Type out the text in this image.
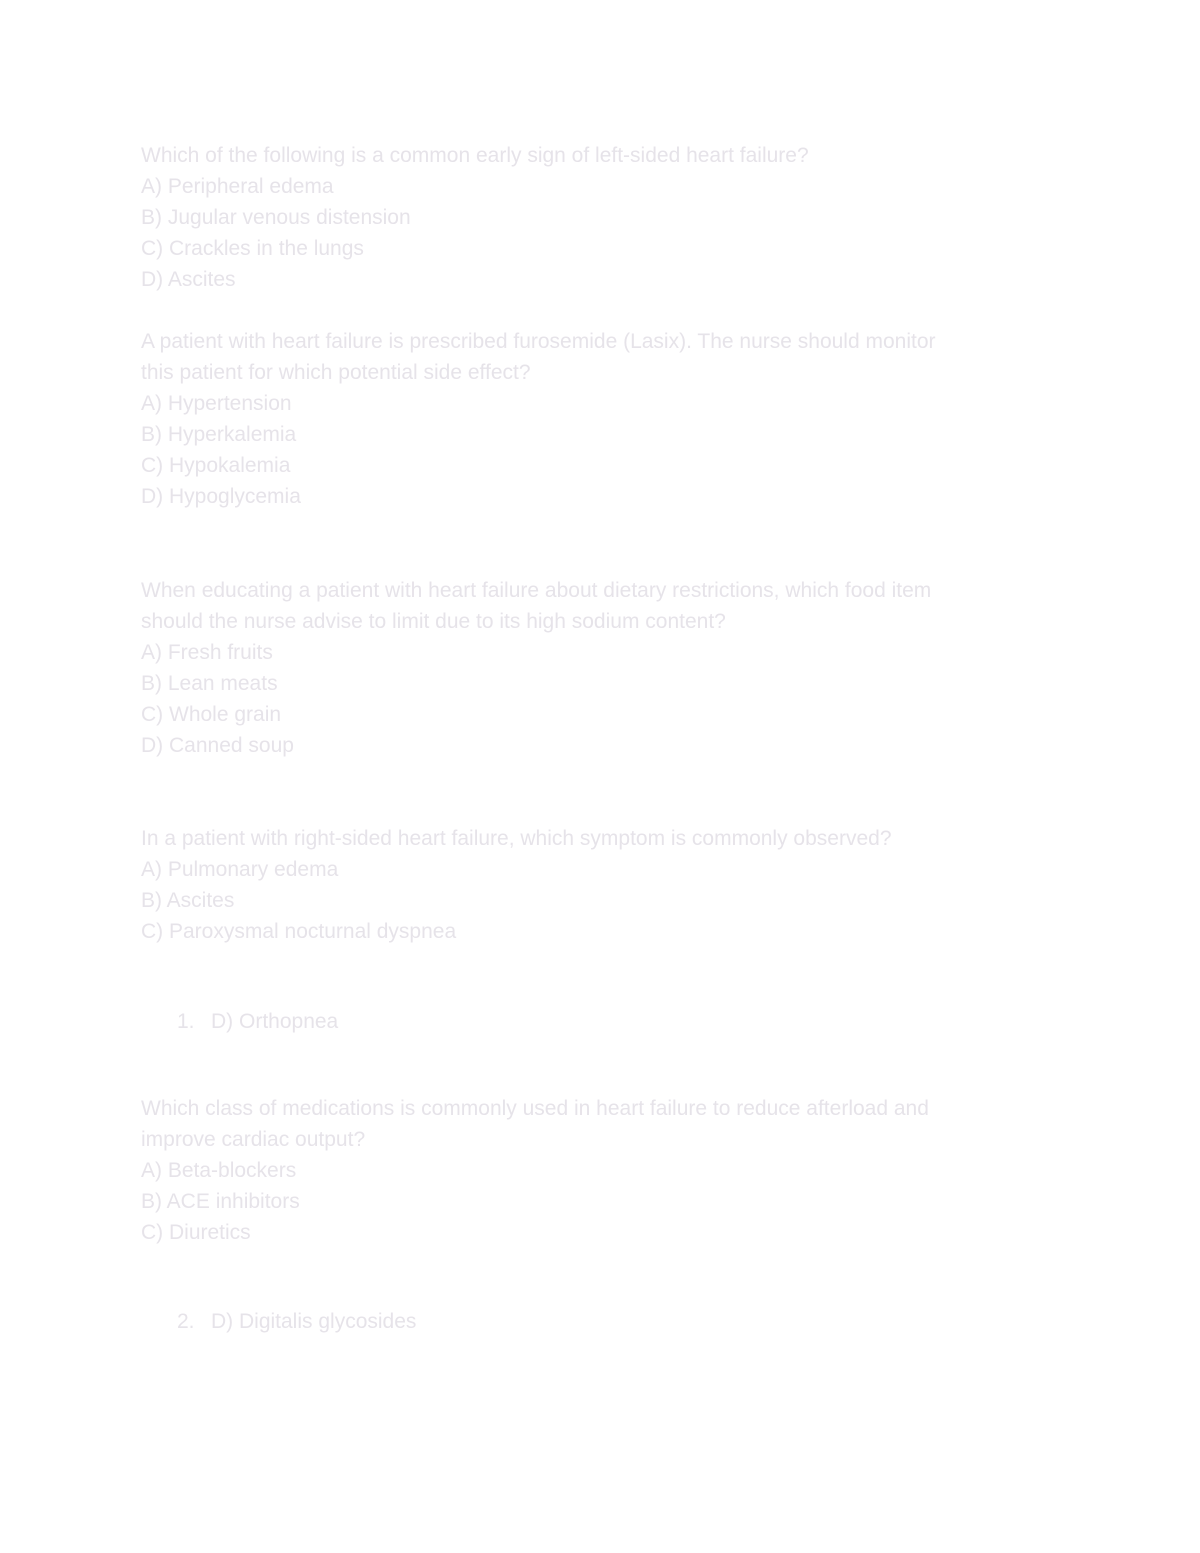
Which of the following is a common early sign of left-sided heart failure?
A) Peripheral edema
B) Jugular venous distension
C) Crackles in the lungs
D) Ascites
A patient with heart failure is prescribed furosemide (Lasix). The nurse should monitor
this patient for which potential side effect?
A) Hypertension
B) Hyperkalemia
C) Hypokalemia
D) Hypoglycemia
When educating a patient with heart failure about dietary restrictions, which food item
should the nurse advise to limit due to its high sodium content?
A) Fresh fruits
B) Lean meats
C) Whole grain
D) Canned soup
In a patient with right-sided heart failure, which symptom is commonly observed?
A) Pulmonary edema
B) Ascites
C) Paroxysmal nocturnal dyspnea
1. D) Orthopnea
Which class of medications is commonly used in heart failure to reduce afterload and
improve cardiac output?
A) Beta-blockers
B) ACE inhibitors
C) Diuretics
2. D) Digitalis glycosides
